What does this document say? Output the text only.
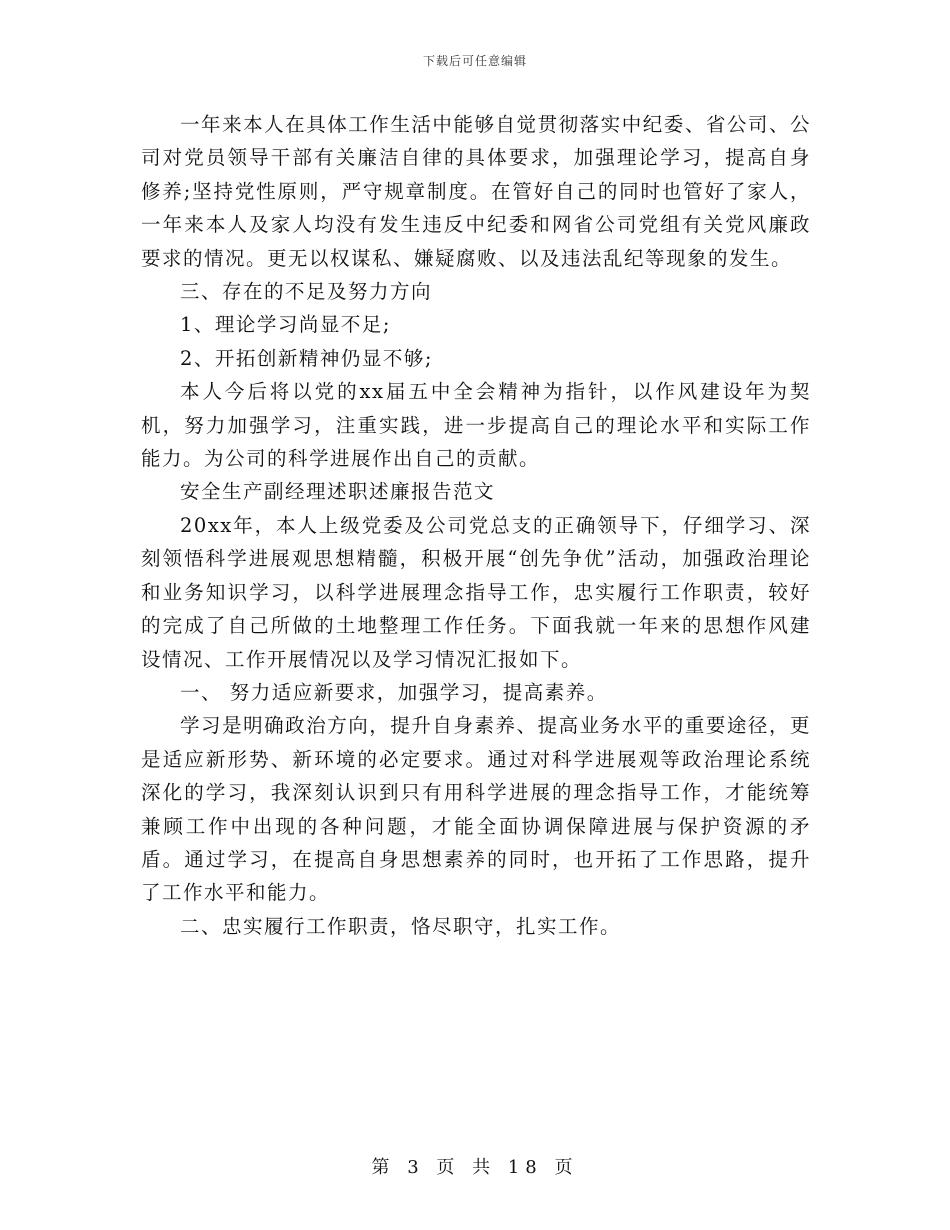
下载后可任意编辑

一年来本人在具体工作生活中能够自觉贯彻落实中纪委、省公司、公司对党员领导干部有关廉洁自律的具体要求，加强理论学习，提高自身修养;坚持党性原则，严守规章制度。在管好自己的同时也管好了家人，一年来本人及家人均没有发生违反中纪委和网省公司党组有关党风廉政要求的情况。更无以权谋私、嫌疑腐败、以及违法乱纪等现象的发生。

三、存在的不足及努力方向

1、理论学习尚显不足;

2、开拓创新精神仍显不够;

本人今后将以党的xx届五中全会精神为指针，以作风建设年为契机，努力加强学习，注重实践，进一步提高自己的理论水平和实际工作能力。为公司的科学进展作出自己的贡献。

安全生产副经理述职述廉报告范文

20xx年，本人上级党委及公司党总支的正确领导下，仔细学习、深刻领悟科学进展观思想精髓，积极开展“创先争优”活动，加强政治理论和业务知识学习，以科学进展理念指导工作，忠实履行工作职责，较好的完成了自己所做的土地整理工作任务。下面我就一年来的思想作风建设情况、工作开展情况以及学习情况汇报如下。

一、 努力适应新要求，加强学习，提高素养。

学习是明确政治方向，提升自身素养、提高业务水平的重要途径，更是适应新形势、新环境的必定要求。通过对科学进展观等政治理论系统深化的学习，我深刻认识到只有用科学进展的理念指导工作，才能统筹兼顾工作中出现的各种问题，才能全面协调保障进展与保护资源的矛盾。通过学习，在提高自身思想素养的同时，也开拓了工作思路，提升了工作水平和能力。

二、忠实履行工作职责，恪尽职守，扎实工作。

第 3 页 共 18 页
